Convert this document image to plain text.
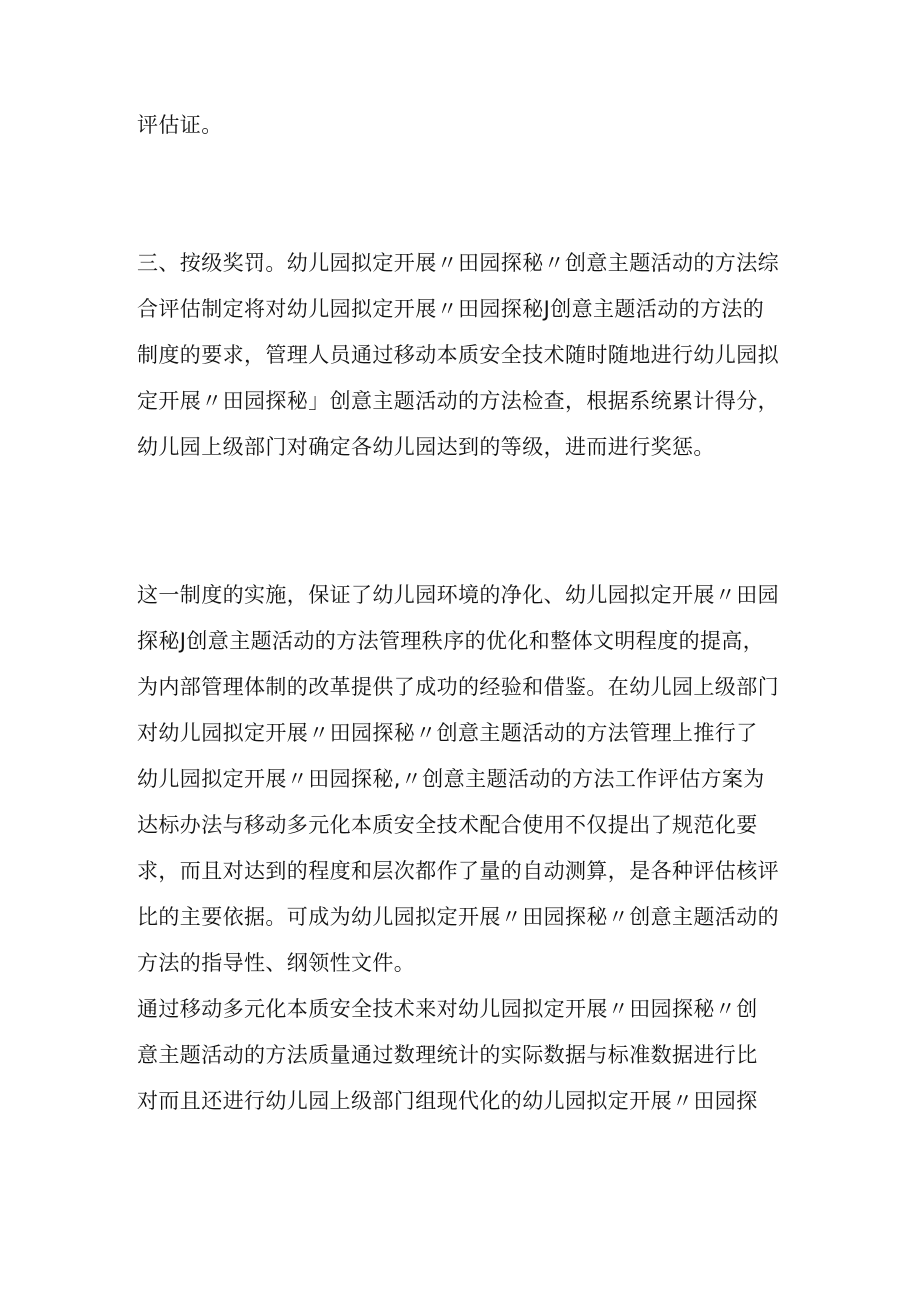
评估证。
三、按级奖罚。幼儿园拟定开展〃田园探秘〃创意主题活动的方法综
合评估制定将对幼儿园拟定开展〃田园探秘J创意主题活动的方法的
制度的要求，管理人员通过移动本质安全技术随时随地进行幼儿园拟
定开展〃田园探秘」创意主题活动的方法检查，根据系统累计得分，
幼儿园上级部门对确定各幼儿园达到的等级，进而进行奖惩。
这一制度的实施，保证了幼儿园环境的净化、幼儿园拟定开展〃田园
探秘J创意主题活动的方法管理秩序的优化和整体文明程度的提高，
为内部管理体制的改革提供了成功的经验和借鉴。在幼儿园上级部门
对幼儿园拟定开展〃田园探秘〃创意主题活动的方法管理上推行了
幼儿园拟定开展〃田园探秘,〃创意主题活动的方法工作评估方案为
达标办法与移动多元化本质安全技术配合使用不仅提出了规范化要
求，而且对达到的程度和层次都作了量的自动测算，是各种评估核评
比的主要依据。可成为幼儿园拟定开展〃田园探秘〃创意主题活动的
方法的指导性、纲领性文件。
通过移动多元化本质安全技术来对幼儿园拟定开展〃田园探秘〃创
意主题活动的方法质量通过数理统计的实际数据与标准数据进行比
对而且还进行幼儿园上级部门组现代化的幼儿园拟定开展〃田园探
